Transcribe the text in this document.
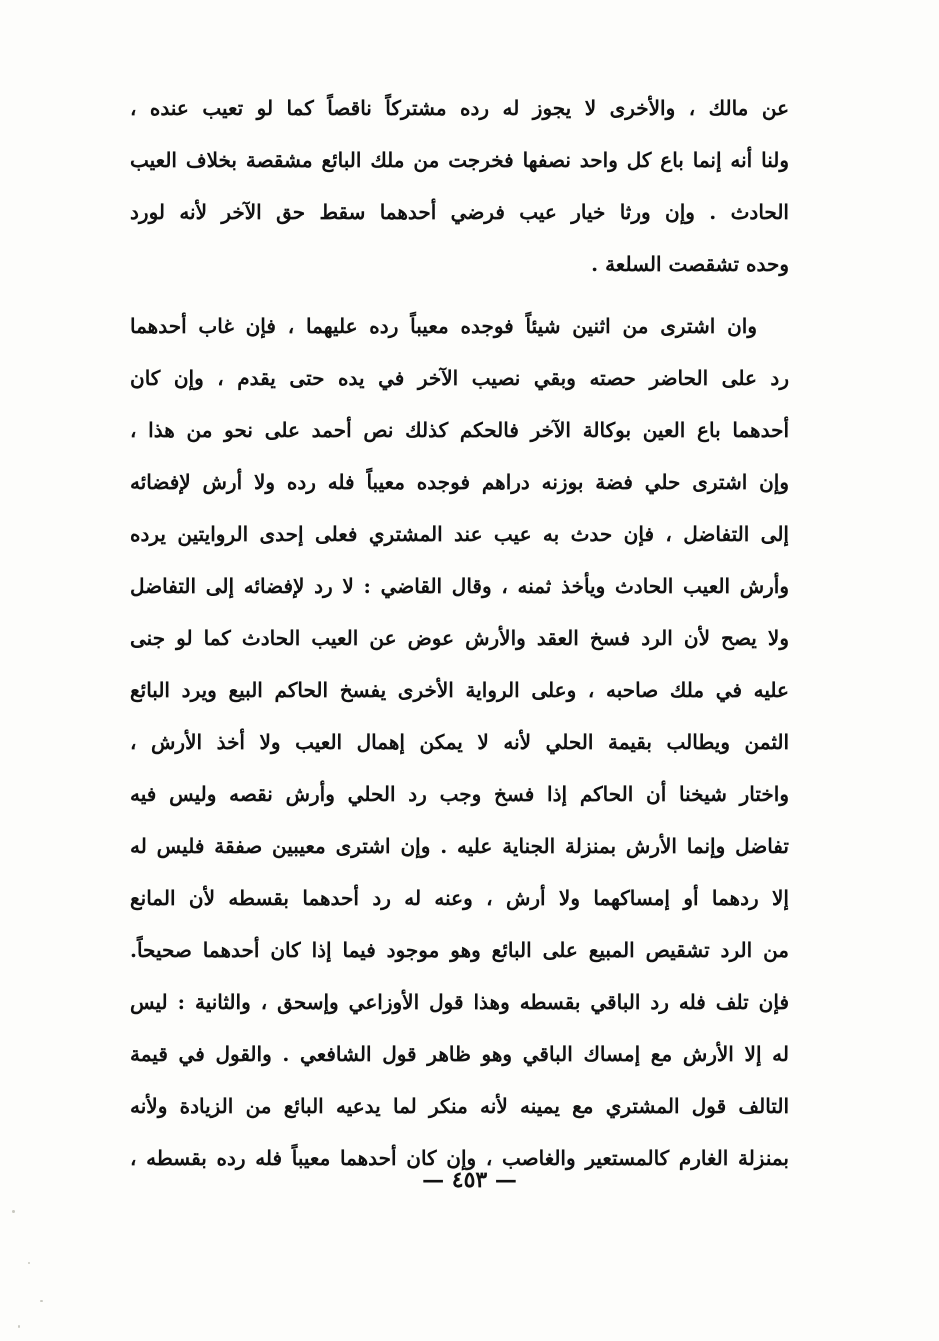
عن مالك ، والأخرى لا يجوز له رده مشتركاً ناقصاً كما لو تعيب عنده ،
ولنا أنه إنما باع كل واحد نصفها فخرجت من ملك البائع مشقصة بخلاف العيب
الحادث . وإن ورثا خيار عيب فرضي أحدهما سقط حق الآخر لأنه لورد
وحده تشقصت السلعة .
وان اشترى من اثنين شيئاً فوجده معيباً رده عليهما ، فإن غاب أحدهما
رد على الحاضر حصته وبقي نصيب الآخر في يده حتى يقدم ، وإن كان
أحدهما باع العين بوكالة الآخر فالحكم كذلك نص أحمد على نحو من هذا ،
وإن اشترى حلي فضة بوزنه دراهم فوجده معيباً فله رده ولا أرش لإفضائه
إلى التفاضل ، فإن حدث به عيب عند المشتري فعلى إحدى الروايتين يرده
وأرش العيب الحادث ويأخذ ثمنه ، وقال القاضي : لا رد لإفضائه إلى التفاضل
ولا يصح لأن الرد فسخ العقد والأرش عوض عن العيب الحادث كما لو جنى
عليه في ملك صاحبه ، وعلى الرواية الأخرى يفسخ الحاكم البيع ويرد البائع
الثمن ويطالب بقيمة الحلي لأنه لا يمكن إهمال العيب ولا أخذ الأرش ،
واختار شيخنا أن الحاكم إذا فسخ وجب رد الحلي وأرش نقصه وليس فيه
تفاضل وإنما الأرش بمنزلة الجناية عليه . وإن اشترى معيبين صفقة فليس له
إلا ردهما أو إمساكهما ولا أرش ، وعنه له رد أحدهما بقسطه لأن المانع
من الرد تشقيص المبيع على البائع وهو موجود فيما إذا كان أحدهما صحيحاً.
فإن تلف فله رد الباقي بقسطه وهذا قول الأوزاعي وإسحق ، والثانية : ليس
له إلا الأرش مع إمساك الباقي وهو ظاهر قول الشافعي . والقول في قيمة
التالف قول المشتري مع يمينه لأنه منكر لما يدعيه البائع من الزيادة ولأنه
بمنزلة الغارم كالمستعير والغاصب ، وإن كان أحدهما معيباً فله رده بقسطه ،
— ٤٥٣ —
